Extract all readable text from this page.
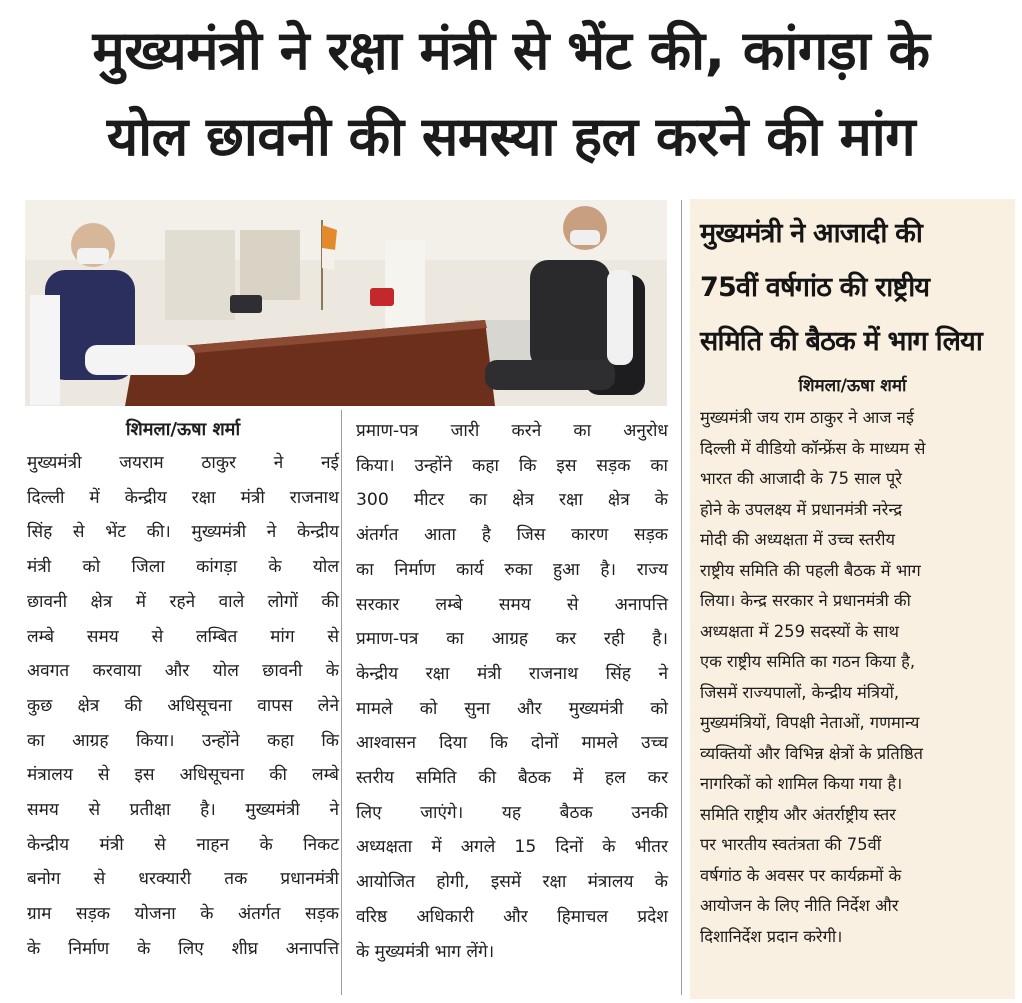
मुख्यमंत्री ने रक्षा मंत्री से भेंट की, कांगड़ा के
योल छावनी की समस्या हल करने की मांग

शिमला/ऊषा शर्मा

मुख्यमंत्री जयराम ठाकुर ने नई

दिल्ली में केन्द्रीय रक्षा मंत्री राजनाथ

सिंह से भेंट की। मुख्यमंत्री ने केन्द्रीय

मंत्री को जिला कांगड़ा के योल

छावनी क्षेत्र में रहने वाले लोगों की

लम्बे समय से लम्बित मांग से

अवगत करवाया और योल छावनी के

कुछ क्षेत्र की अधिसूचना वापस लेने

का आग्रह किया। उन्होंने कहा कि

मंत्रालय से इस अधिसूचना की लम्बे

समय से प्रतीक्षा है। मुख्यमंत्री ने

केन्द्रीय मंत्री से नाहन के निकट

बनोग से धरक्यारी तक प्रधानमंत्री

ग्राम सड़क योजना के अंतर्गत सड़क

के निर्माण के लिए शीघ्र अनापत्ति

प्रमाण-पत्र जारी करने का अनुरोध

किया। उन्होंने कहा कि इस सड़क का

300 मीटर का क्षेत्र रक्षा क्षेत्र के

अंतर्गत आता है जिस कारण सड़क

का निर्माण कार्य रुका हुआ है। राज्य

सरकार लम्बे समय से अनापत्ति

प्रमाण-पत्र का आग्रह कर रही है।

केन्द्रीय रक्षा मंत्री राजनाथ सिंह ने

मामले को सुना और मुख्यमंत्री को

आश्वासन दिया कि दोनों मामले उच्च

स्तरीय समिति की बैठक में हल कर

लिए जाएंगे। यह बैठक उनकी

अध्यक्षता में अगले 15 दिनों के भीतर

आयोजित होगी, इसमें रक्षा मंत्रालय के

वरिष्ठ अधिकारी और हिमाचल प्रदेश

के मुख्यमंत्री भाग लेंगे।

मुख्यमंत्री ने आजादी की
75वीं वर्षगांठ की राष्ट्रीय
समिति की बैठक में भाग लिया
शिमला/ऊषा शर्मा

मुख्यमंत्री जय राम ठाकुर ने आज नई

दिल्ली में वीडियो कॉन्फ्रेंस के माध्यम से

भारत की आजादी के 75 साल पूरे

होने के उपलक्ष्य में प्रधानमंत्री नरेन्द्र

मोदी की अध्यक्षता में उच्च स्तरीय

राष्ट्रीय समिति की पहली बैठक में भाग

लिया। केन्द्र सरकार ने प्रधानमंत्री की

अध्यक्षता में 259 सदस्यों के साथ

एक राष्ट्रीय समिति का गठन किया है,

जिसमें राज्यपालों, केन्द्रीय मंत्रियों,

मुख्यमंत्रियों, विपक्षी नेताओं, गणमान्य

व्यक्तियों और विभिन्न क्षेत्रों के प्रतिष्ठित

नागरिकों को शामिल किया गया है।

समिति राष्ट्रीय और अंतर्राष्ट्रीय स्तर

पर भारतीय स्वतंत्रता की 75वीं

वर्षगांठ के अवसर पर कार्यक्रमों के

आयोजन के लिए नीति निर्देश और

दिशानिर्देश प्रदान करेगी।
